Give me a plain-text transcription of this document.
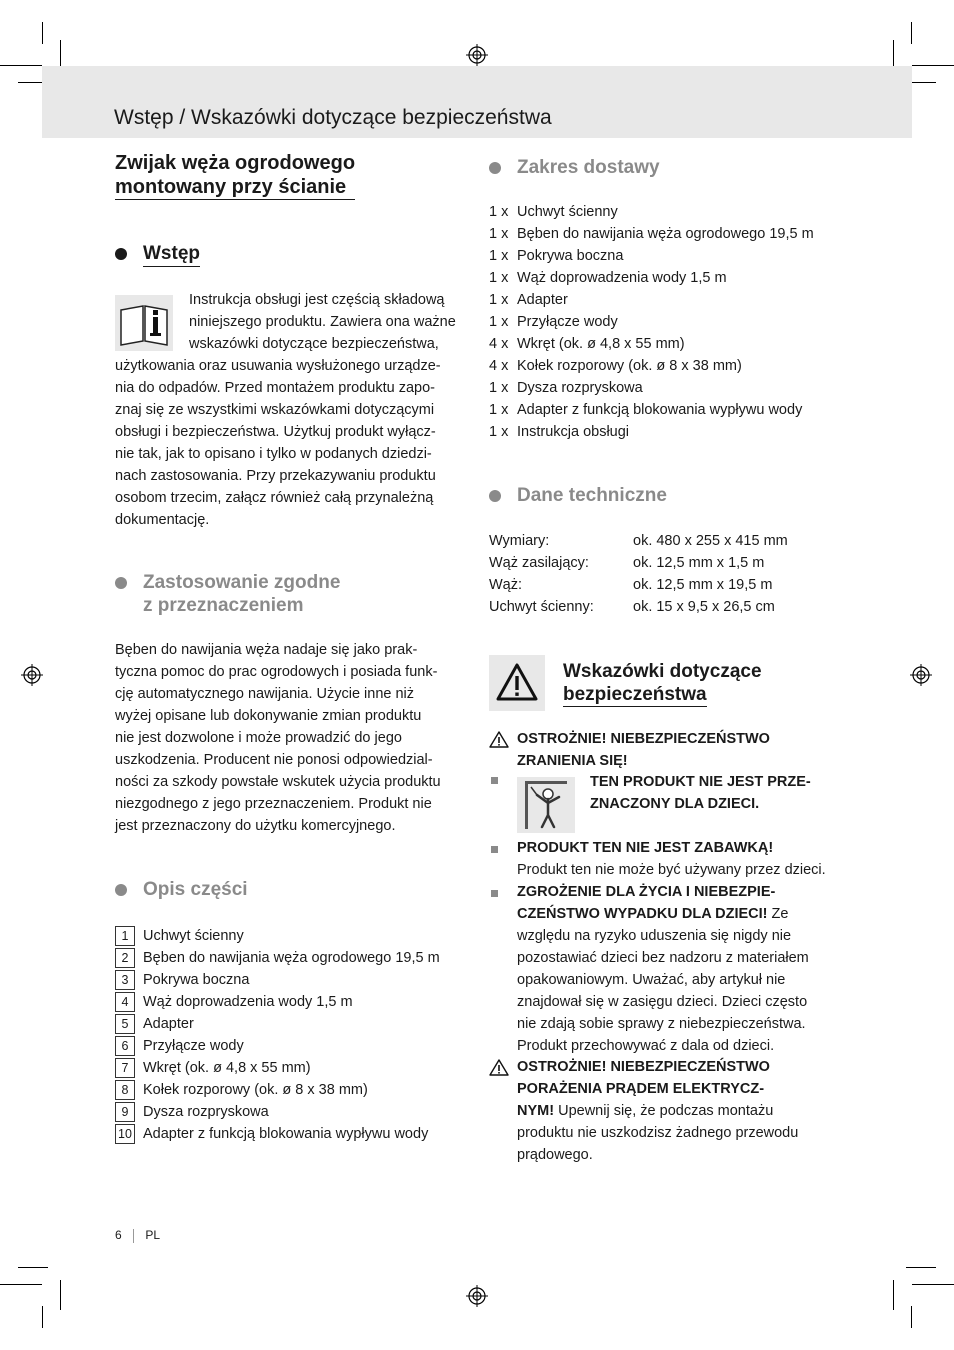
Wstęp / Wskazówki dotyczące bezpieczeństwa
Zwijak węża ogrodowego
montowany przy ścianie
Wstęp
Instrukcja obsługi jest częścią składową
niniejszego produktu. Zawiera ona ważne
wskazówki dotyczące bezpieczeństwa,
użytkowania oraz usuwania wysłużonego urządze-
nia do odpadów. Przed montażem produktu zapo-
znaj się ze wszystkimi wskazówkami dotyczącymi
obsługi i bezpieczeństwa. Użytkuj produkt wyłącz-
nie tak, jak to opisano i tylko w podanych dziedzi-
nach zastosowania. Przy przekazywaniu produktu
osobom trzecim, załącz również całą przynależną
dokumentację.
Zastosowanie zgodne
z przeznaczeniem
Bęben do nawijania węża nadaje się jako prak-
tyczna pomoc do prac ogrodowych i posiada funk-
cję automatycznego nawijania. Użycie inne niż
wyżej opisane lub dokonywanie zmian produktu
nie jest dozwolone i może prowadzić do jego
uszkodzenia. Producent nie ponosi odpowiedzial-
ności za szkody powstałe wskutek użycia produktu
niezgodnego z jego przeznaczeniem. Produkt nie
jest przeznaczony do użytku komercyjnego.
Opis części
1	Uchwyt ścienny
2	Bęben do nawijania węża ogrodowego 19,5 m
3	Pokrywa boczna
4	Wąż doprowadzenia wody 1,5 m
5	Adapter
6	Przyłącze wody
7	Wkręt (ok. ø 4,8 x 55 mm)
8	Kołek rozporowy (ok. ø 8 x 38 mm)
9	Dysza rozpryskowa
10 Adapter z funkcją blokowania wypływu wody
Zakres dostawy
1 x Uchwyt ścienny
1 x Bęben do nawijania węża ogrodowego 19,5 m
1 x Pokrywa boczna
1 x Wąż doprowadzenia wody 1,5 m
1 x Adapter
1 x Przyłącze wody
4 x Wkręt (ok. ø 4,8 x 55 mm)
4 x Kołek rozporowy (ok. ø 8 x 38 mm)
1 x Dysza rozpryskowa
1 x Adapter z funkcją blokowania wypływu wody
1 x Instrukcja obsługi
Dane techniczne
Wymiary:	ok. 480 x 255 x 415 mm
Wąż zasilający:	ok. 12,5 mm x 1,5 m
Wąż:	ok. 12,5 mm x 19,5 m
Uchwyt ścienny:	ok. 15 x 9,5 x 26,5 cm
Wskazówki dotyczące
bezpieczeństwa
OSTROŻNIE! NIEBEZPIECZEŃSTWO
ZRANIENIA SIĘ!
TEN PRODUKT NIE JEST PRZE-
ZNACZONY DLA DZIECI.
PRODUKT TEN NIE JEST ZABAWKĄ!
Produkt ten nie może być używany przez dzieci.
ZGROŻENIE DLA ŻYCIA I NIEBEZPIE-
CZEŃSTWO WYPADKU DLA DZIECI! Ze
względu na ryzyko uduszenia się nigdy nie
pozostawiać dzieci bez nadzoru z materiałem
opakowaniowym. Uważać, aby artykuł nie
znajdował się w zasięgu dzieci. Dzieci często
nie zdają sobie sprawy z niebezpieczeństwa.
Produkt przechowywać z dala od dzieci.
OSTROŻNIE! NIEBEZPIECZEŃSTWO
PORAŻENIA PRĄDEM ELEKTRYCZ-
NYM! Upewnij się, że podczas montażu
produktu nie uszkodzisz żadnego przewodu
prądowego.
6 PL
